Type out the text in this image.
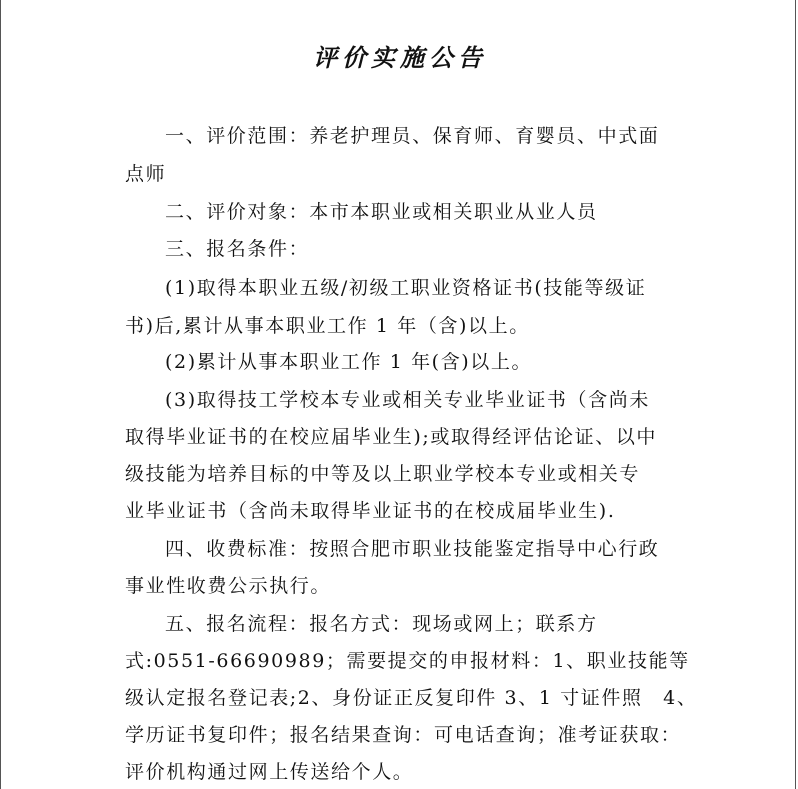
评价实施公告
一、评价范围：养老护理员、保育师、育婴员、中式面
点师
二、评价对象：本市本职业或相关职业从业人员
三、报名条件：
(1)取得本职业五级/初级工职业资格证书(技能等级证
书)后,累计从事本职业工作 1 年（含)以上。
(2)累计从事本职业工作 1 年(含)以上。
(3)取得技工学校本专业或相关专业毕业证书（含尚未
取得毕业证书的在校应届毕业生);或取得经评估论证、以中
级技能为培养目标的中等及以上职业学校本专业或相关专
业毕业证书（含尚未取得毕业证书的在校成届毕业生).
四、收费标准：按照合肥市职业技能鉴定指导中心行政
事业性收费公示执行。
五、报名流程：报名方式：现场或网上；联系方
式:0551-66690989；需要提交的申报材料：1、职业技能等
级认定报名登记表;2、身份证正反复印件 3、1 寸证件照　4、
学历证书复印件；报名结果查询：可电话查询；准考证获取：
评价机构通过网上传送给个人。
